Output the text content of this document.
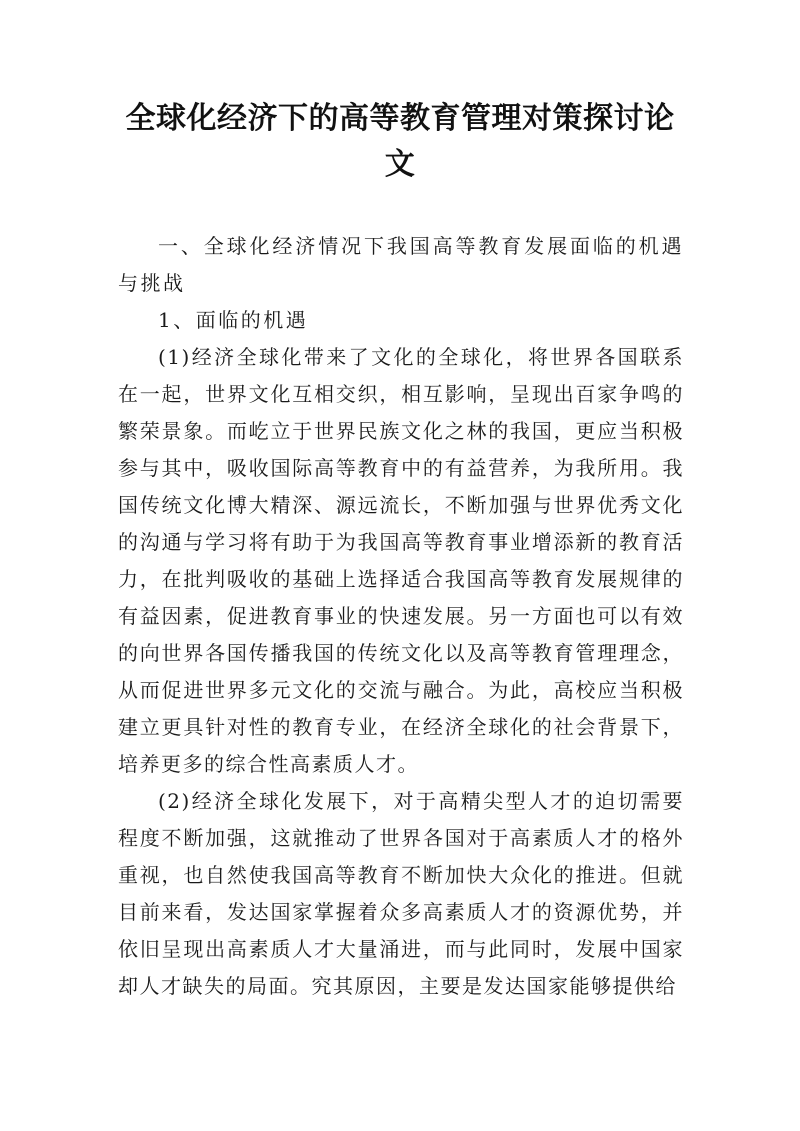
全球化经济下的高等教育管理对策探讨论文

一、全球化经济情况下我国高等教育发展面临的机遇与挑战

1、面临的机遇

(1)经济全球化带来了文化的全球化，将世界各国联系在一起，世界文化互相交织，相互影响，呈现出百家争鸣的繁荣景象。而屹立于世界民族文化之林的我国，更应当积极参与其中，吸收国际高等教育中的有益营养，为我所用。我国传统文化博大精深、源远流长，不断加强与世界优秀文化的沟通与学习将有助于为我国高等教育事业增添新的教育活力，在批判吸收的基础上选择适合我国高等教育发展规律的有益因素，促进教育事业的快速发展。另一方面也可以有效的向世界各国传播我国的传统文化以及高等教育管理理念，从而促进世界多元文化的交流与融合。为此，高校应当积极建立更具针对性的教育专业，在经济全球化的社会背景下，培养更多的综合性高素质人才。

(2)经济全球化发展下，对于高精尖型人才的迫切需要程度不断加强，这就推动了世界各国对于高素质人才的格外重视，也自然使我国高等教育不断加快大众化的推进。但就目前来看，发达国家掌握着众多高素质人才的资源优势，并依旧呈现出高素质人才大量涌进，而与此同时，发展中国家却人才缺失的局面。究其原因，主要是发达国家能够提供给
